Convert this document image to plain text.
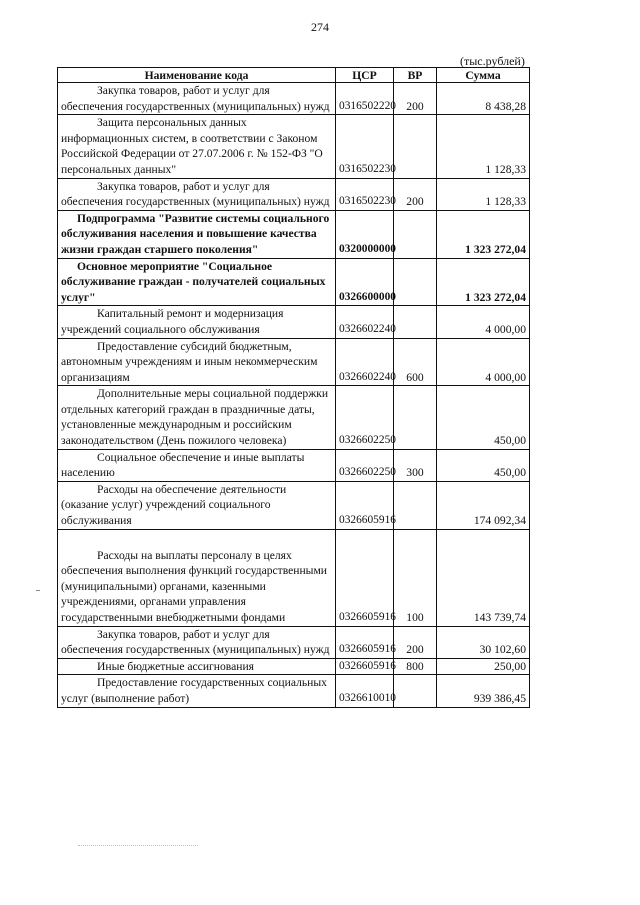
274
(тыс.рублей)
Наименование кода	ЦСР	ВР	Сумма
Закупка товаров, работ и услуг для обеспечения государственных (муниципальных) нужд	0316502220	200	8 438,28
Защита персональных данных информационных систем, в соответствии с Законом Российской Федерации от 27.07.2006 г. № 152-ФЗ "О персональных данных"	0316502230		1 128,33
Закупка товаров, работ и услуг для обеспечения государственных (муниципальных) нужд	0316502230	200	1 128,33
Подпрограмма "Развитие системы социального обслуживания населения и повышение качества жизни граждан старшего поколения"	0320000000		1 323 272,04
Основное мероприятие "Социальное обслуживание граждан - получателей социальных услуг"	0326600000		1 323 272,04
Капитальный ремонт и модернизация учреждений социального обслуживания	0326602240		4 000,00
Предоставление субсидий бюджетным, автономным учреждениям и иным некоммерческим организациям	0326602240	600	4 000,00
Дополнительные меры социальной поддержки отдельных категорий граждан в праздничные даты, установленные международным и российским законодательством (День пожилого человека)	0326602250		450,00
Социальное обеспечение и иные выплаты населению	0326602250	300	450,00
Расходы на обеспечение деятельности (оказание услуг) учреждений социального обслуживания	0326605916		174 092,34
Расходы на выплаты персоналу в целях обеспечения выполнения функций государственными (муниципальными) органами, казенными учреждениями, органами управления государственными внебюджетными фондами	0326605916	100	143 739,74
Закупка товаров, работ и услуг для обеспечения государственных (муниципальных) нужд	0326605916	200	30 102,60
Иные бюджетные ассигнования	0326605916	800	250,00
Предоставление государственных социальных услуг (выполнение работ)	0326610010		939 386,45
